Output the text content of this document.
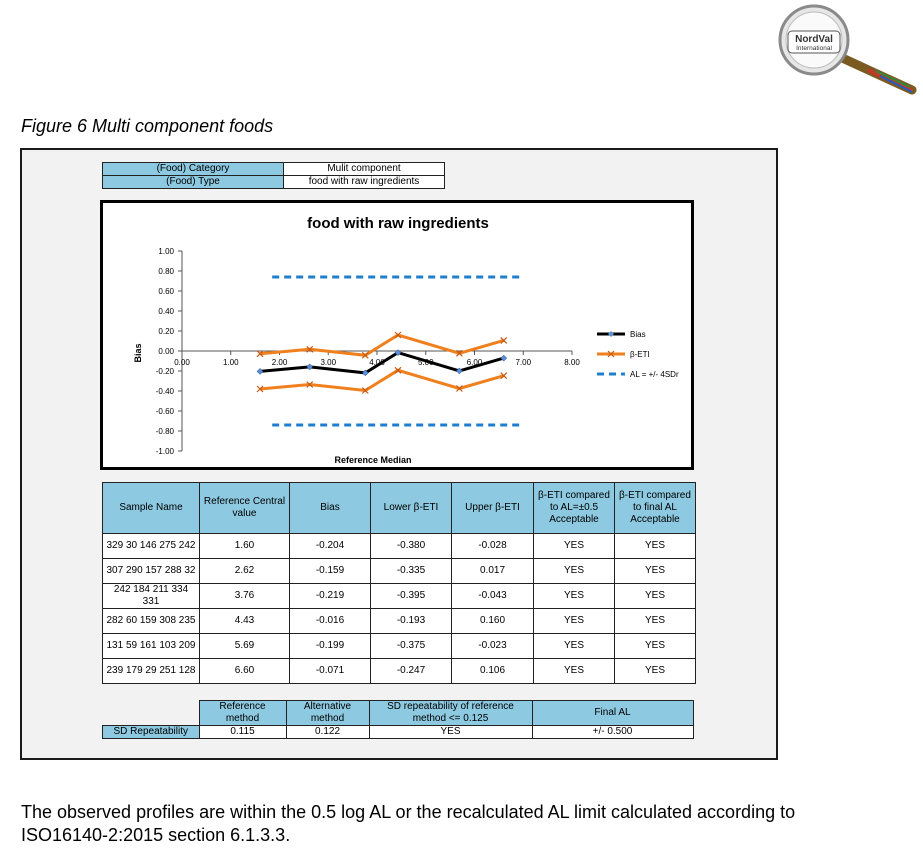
NordVal
International
Figure 6 Multi component foods
(Food) Category	Mulit component
(Food) Type	food with raw ingredients
food with raw ingredients
Reference Median
Bias
1.00
0.80
0.60
0.40
0.20
0.00
-0.20
-0.40
-0.60
-0.80
-1.00
0.00	1.00	2.00	3.00	4.00	5.00	6.00	7.00	8.00
Bias
β-ETI
AL = +/- 4SDr
Sample Name	Reference Central value	Bias	Lower β-ETI	Upper β-ETI	β-ETI compared to AL=±0.5 Acceptable	β-ETI compared to final AL Acceptable
329 30 146 275 242	1.60	-0.204	-0.380	-0.028	YES	YES
307 290 157 288 32	2.62	-0.159	-0.335	0.017	YES	YES
242 184 211 334 331	3.76	-0.219	-0.395	-0.043	YES	YES
282 60 159 308 235	4.43	-0.016	-0.193	0.160	YES	YES
131 59 161 103 209	5.69	-0.199	-0.375	-0.023	YES	YES
239 179 29 251 128	6.60	-0.071	-0.247	0.106	YES	YES
	Reference method	Alternative method	SD repeatability of reference method <= 0.125	Final AL
SD Repeatability	0.115	0.122	YES	+/- 0.500
The observed profiles are within the 0.5 log AL or the recalculated AL limit calculated according to ISO16140-2:2015 section 6.1.3.3.
